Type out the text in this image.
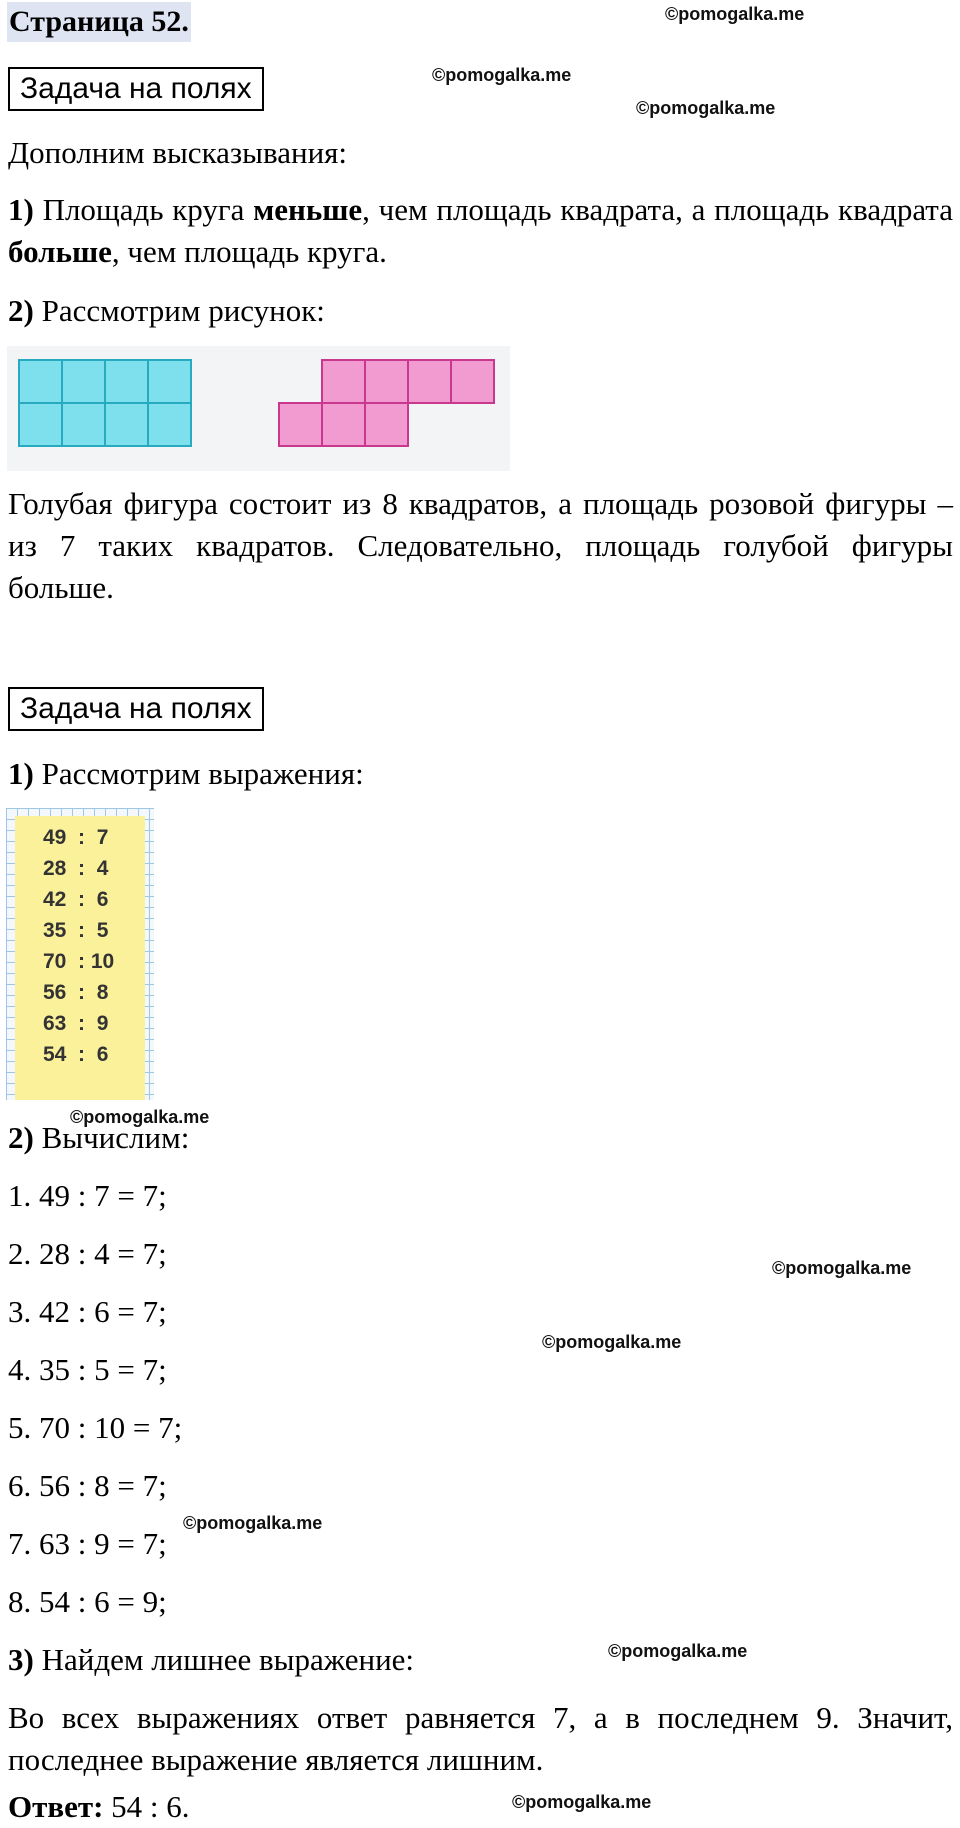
Страница 52.	©pomogalka.me
©pomogalka.me
©pomogalka.me
©pomogalka.me
©pomogalka.me
©pomogalka.me
©pomogalka.me
©pomogalka.me
©pomogalka.me
Задача на полях
Дополним высказывания:
1) Площадь круга меньше, чем площадь квадрата, а площадь квадрата больше, чем площадь круга.
2) Рассмотрим рисунок:
Голубая фигура состоит из 8 квадратов, а площадь розовой фигуры – из 7 таких квадратов. Следовательно, площадь голубой фигуры больше.
Задача на полях
1) Рассмотрим выражения:
49  :  7
28  :  4
42  :  6
35  :  5
70  : 10
56  :  8
63  :  9
54  :  6
2) Вычислим:
1. 49 : 7 = 7;
2. 28 : 4 = 7;
3. 42 : 6 = 7;
4. 35 : 5 = 7;
5. 70 : 10 = 7;
6. 56 : 8 = 7;
7. 63 : 9 = 7;
8. 54 : 6 = 9;
3) Найдем лишнее выражение:
Во всех выражениях ответ равняется 7, а в последнем 9. Значит, последнее выражение является лишним.
Ответ: 54 : 6.
